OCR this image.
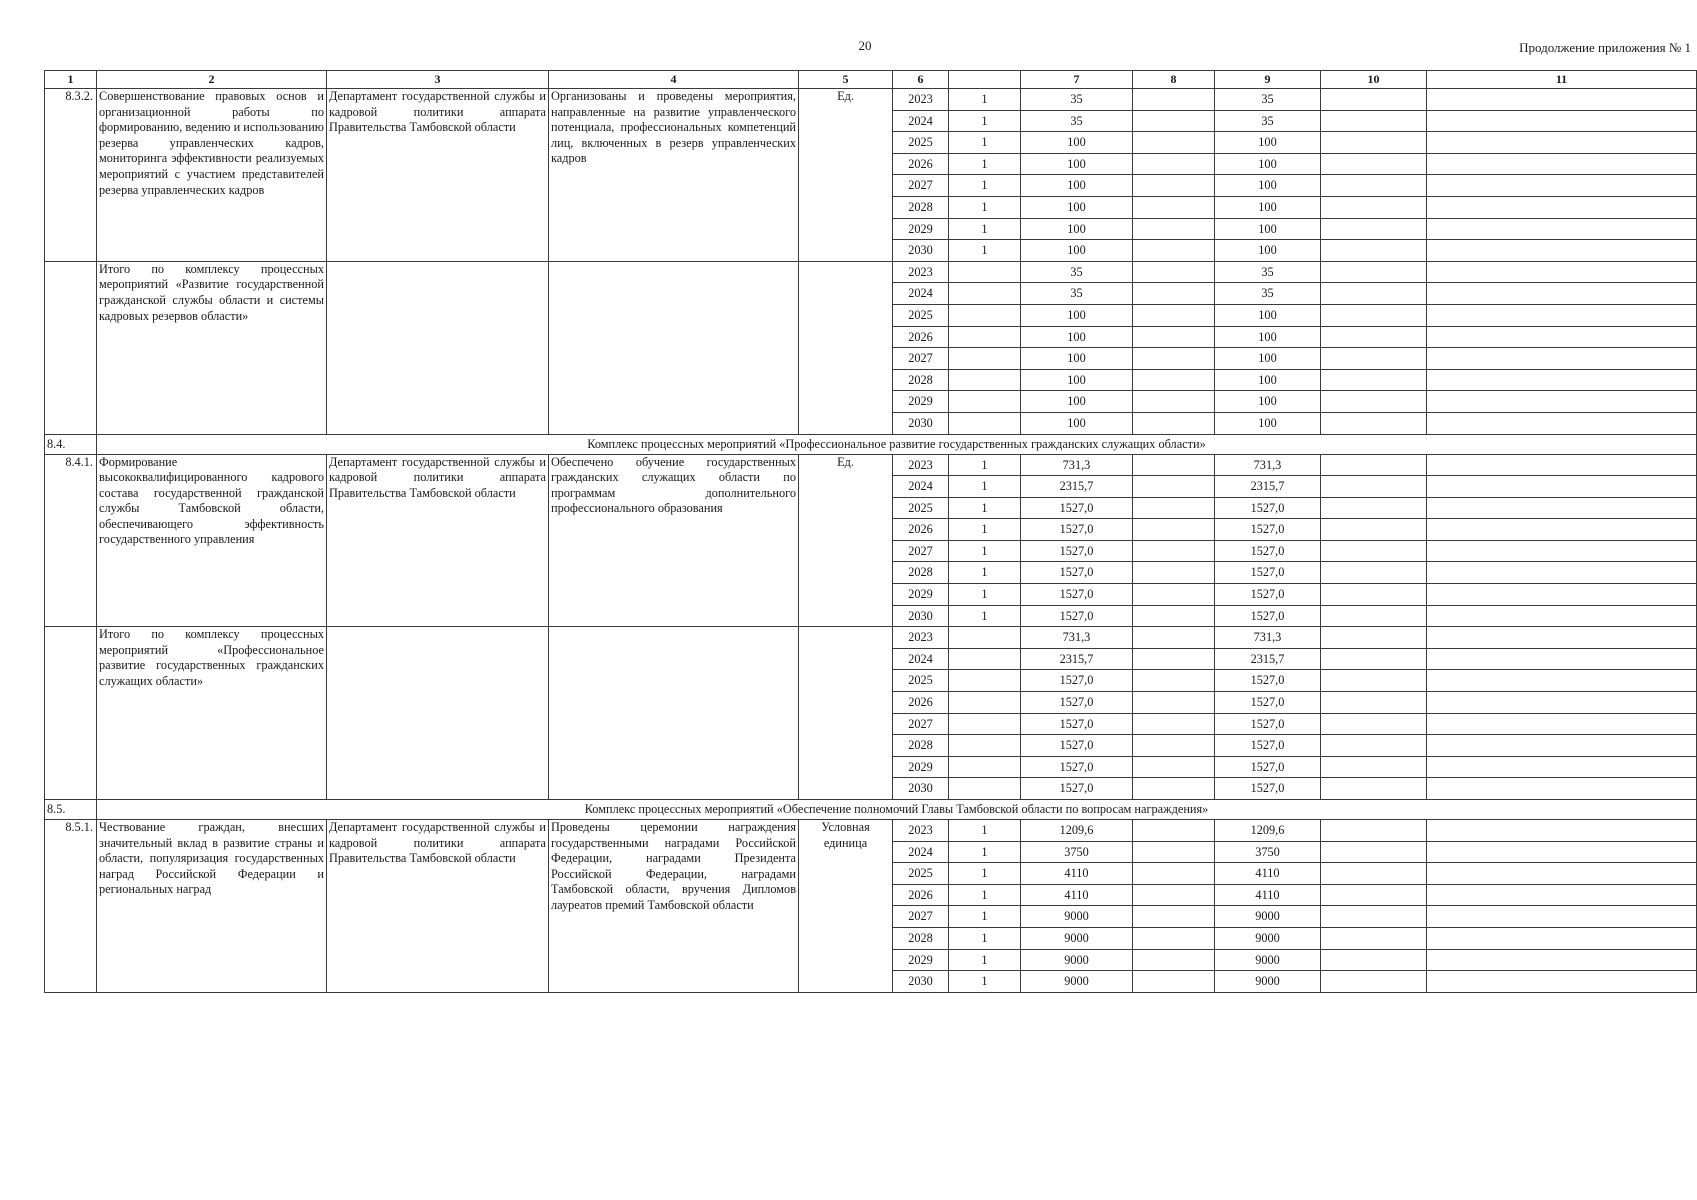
20	Продолжение приложения № 1
1	2	3	4	5	6		7	8	9	10	11
8.3.2.	Совершенствование правовых основ и организационной работы по формированию, ведению и использованию резерва управленческих кадров, мониторинга эффективности реализуемых мероприятий с участием представителей резерва управленческих кадров	Департамент государственной службы и кадровой политики аппарата Правительства Тамбовской области	Организованы и проведены мероприятия, направленные на развитие управленческого потенциала, профессиональных компетенций лиц, включенных в резерв управленческих кадров	Ед.	2023	1	35		35		
					2024	1	35		35		
					2025	1	100		100		
					2026	1	100		100		
					2027	1	100		100		
					2028	1	100		100		
					2029	1	100		100		
					2030	1	100		100		
	Итого по комплексу процессных мероприятий «Развитие государственной гражданской службы области и системы кадровых резервов области»				2023		35		35		
					2024		35		35		
					2025		100		100		
					2026		100		100		
					2027		100		100		
					2028		100		100		
					2029		100		100		
					2030		100		100		
8.4.	Комплекс процессных мероприятий «Профессиональное развитие государственных гражданских служащих области»										
8.4.1.	Формирование высококвалифицированного кадрового состава государственной гражданской службы Тамбовской области, обеспечивающего эффективность государственного управления	Департамент государственной службы и кадровой политики аппарата Правительства Тамбовской области	Обеспечено обучение государственных гражданских служащих области по программам дополнительного профессионального образования	Ед.	2023	1	731,3		731,3		
					2024	1	2315,7		2315,7		
					2025	1	1527,0		1527,0		
					2026	1	1527,0		1527,0		
					2027	1	1527,0		1527,0		
					2028	1	1527,0		1527,0		
					2029	1	1527,0		1527,0		
					2030	1	1527,0		1527,0		
	Итого по комплексу процессных мероприятий «Профессиональное развитие государственных гражданских служащих области»				2023		731,3		731,3		
					2024		2315,7		2315,7		
					2025		1527,0		1527,0		
					2026		1527,0		1527,0		
					2027		1527,0		1527,0		
					2028		1527,0		1527,0		
					2029		1527,0		1527,0		
					2030		1527,0		1527,0		
8.5.	Комплекс процессных мероприятий «Обеспечение полномочий Главы Тамбовской области по вопросам награждения»										
8.5.1.	Чествование граждан, внесших значительный вклад в развитие страны и области, популяризация государственных наград Российской Федерации и региональных наград	Департамент государственной службы и кадровой политики аппарата Правительства Тамбовской области	Проведены церемонии награждения государственными наградами Российской Федерации, наградами Президента Российской Федерации, наградами Тамбовской области, вручения Дипломов лауреатов премий Тамбовской области	Условная единица	2023	1	1209,6		1209,6		
					2024	1	3750		3750		
					2025	1	4110		4110		
					2026	1	4110		4110		
					2027	1	9000		9000		
					2028	1	9000		9000		
					2029	1	9000		9000		
					2030	1	9000		9000		
